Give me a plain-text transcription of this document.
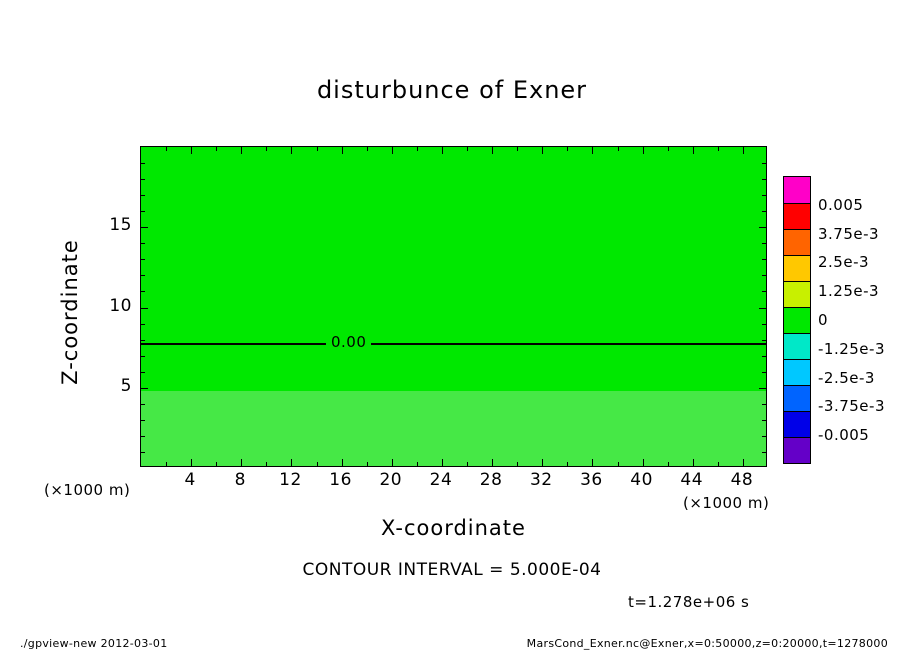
disturbunce of Exner
0.00
4	8	12	16	20	24	28	32	36	40	44	48
5
10
15
Z-coordinate
X-coordinate
(×1000 m)
(×1000 m)
0.005
3.75e-3
2.5e-3
1.25e-3
0
-1.25e-3
-2.5e-3
-3.75e-3
-0.005
CONTOUR INTERVAL = 5.000E-04
t=1.278e+06 s
./gpview-new 2012-03-01	MarsCond_Exner.nc@Exner,x=0:50000,z=0:20000,t=1278000
